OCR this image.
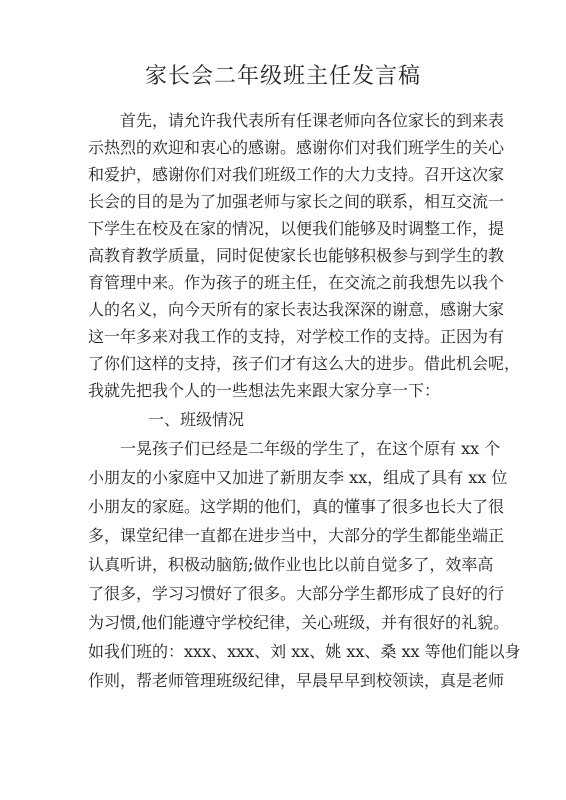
家长会二年级班主任发言稿
首先，请允许我代表所有任课老师向各位家长的到来表
示热烈的欢迎和衷心的感谢。感谢你们对我们班学生的关心
和爱护，感谢你们对我们班级工作的大力支持。召开这次家
长会的目的是为了加强老师与家长之间的联系，相互交流一
下学生在校及在家的情况，以便我们能够及时调整工作，提
高教育教学质量，同时促使家长也能够积极参与到学生的教
育管理中来。作为孩子的班主任，在交流之前我想先以我个
人的名义，向今天所有的家长表达我深深的谢意，感谢大家
这一年多来对我工作的支持，对学校工作的支持。正因为有
了你们这样的支持，孩子们才有这么大的进步。借此机会呢，
我就先把我个人的一些想法先来跟大家分享一下：
一、班级情况
一晃孩子们已经是二年级的学生了，在这个原有 xx 个
小朋友的小家庭中又加进了新朋友李 xx，组成了具有 xx 位
小朋友的家庭。这学期的他们，真的懂事了很多也长大了很
多，课堂纪律一直都在进步当中，大部分的学生都能坐端正
认真听讲，积极动脑筋;做作业也比以前自觉多了，效率高
了很多，学习习惯好了很多。大部分学生都形成了良好的行
为习惯,他们能遵守学校纪律，关心班级，并有很好的礼貌。
如我们班的：xxx、xxx、刘 xx、姚 xx、桑 xx 等他们能以身
作则，帮老师管理班级纪律，早晨早早到校领读，真是老师
